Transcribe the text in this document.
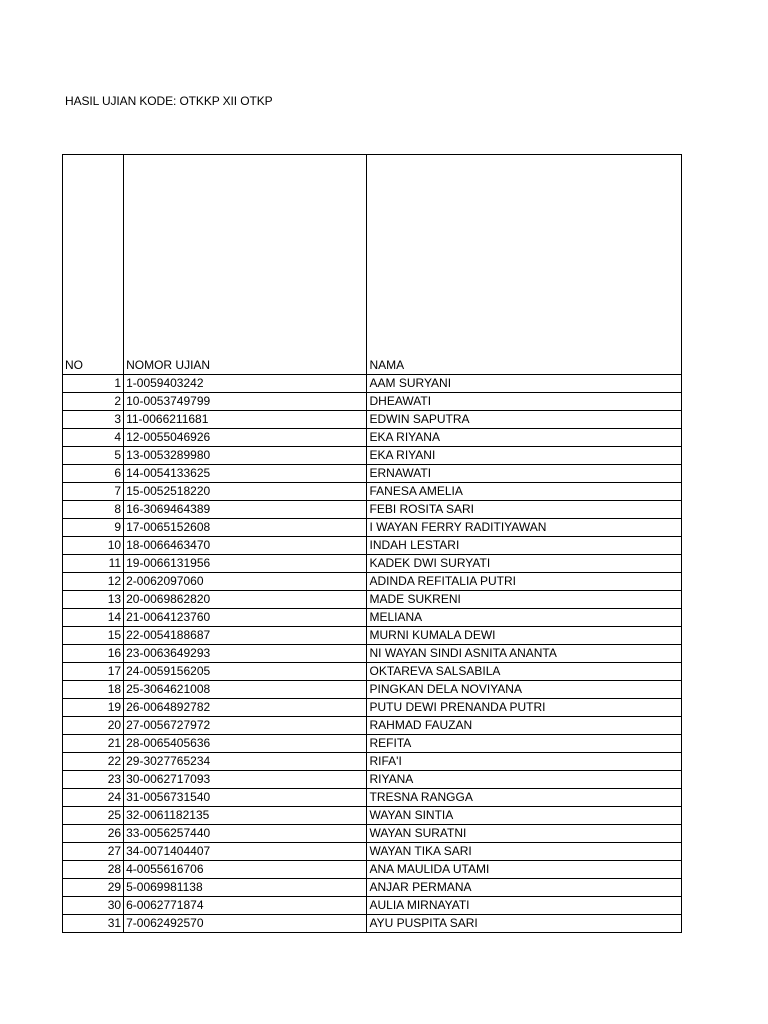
HASIL UJIAN KODE: OTKKP XII OTKP
NO	NOMOR UJIAN	NAMA
1	1-0059403242	AAM SURYANI
2	10-0053749799	DHEAWATI
3	11-0066211681	EDWIN SAPUTRA
4	12-0055046926	EKA RIYANA
5	13-0053289980	EKA RIYANI
6	14-0054133625	ERNAWATI
7	15-0052518220	FANESA AMELIA
8	16-3069464389	FEBI ROSITA SARI
9	17-0065152608	I WAYAN FERRY RADITIYAWAN
10	18-0066463470	INDAH LESTARI
11	19-0066131956	KADEK DWI SURYATI
12	2-0062097060	ADINDA REFITALIA PUTRI
13	20-0069862820	MADE SUKRENI
14	21-0064123760	MELIANA
15	22-0054188687	MURNI KUMALA DEWI
16	23-0063649293	NI WAYAN SINDI ASNITA ANANTA
17	24-0059156205	OKTAREVA SALSABILA
18	25-3064621008	PINGKAN DELA NOVIYANA
19	26-0064892782	PUTU DEWI PRENANDA PUTRI
20	27-0056727972	RAHMAD FAUZAN
21	28-0065405636	REFITA
22	29-3027765234	RIFA'I
23	30-0062717093	RIYANA
24	31-0056731540	TRESNA RANGGA
25	32-0061182135	WAYAN SINTIA
26	33-0056257440	WAYAN SURATNI
27	34-0071404407	WAYAN TIKA SARI
28	4-0055616706	ANA MAULIDA UTAMI
29	5-0069981138	ANJAR PERMANA
30	6-0062771874	AULIA MIRNAYATI
31	7-0062492570	AYU PUSPITA SARI
